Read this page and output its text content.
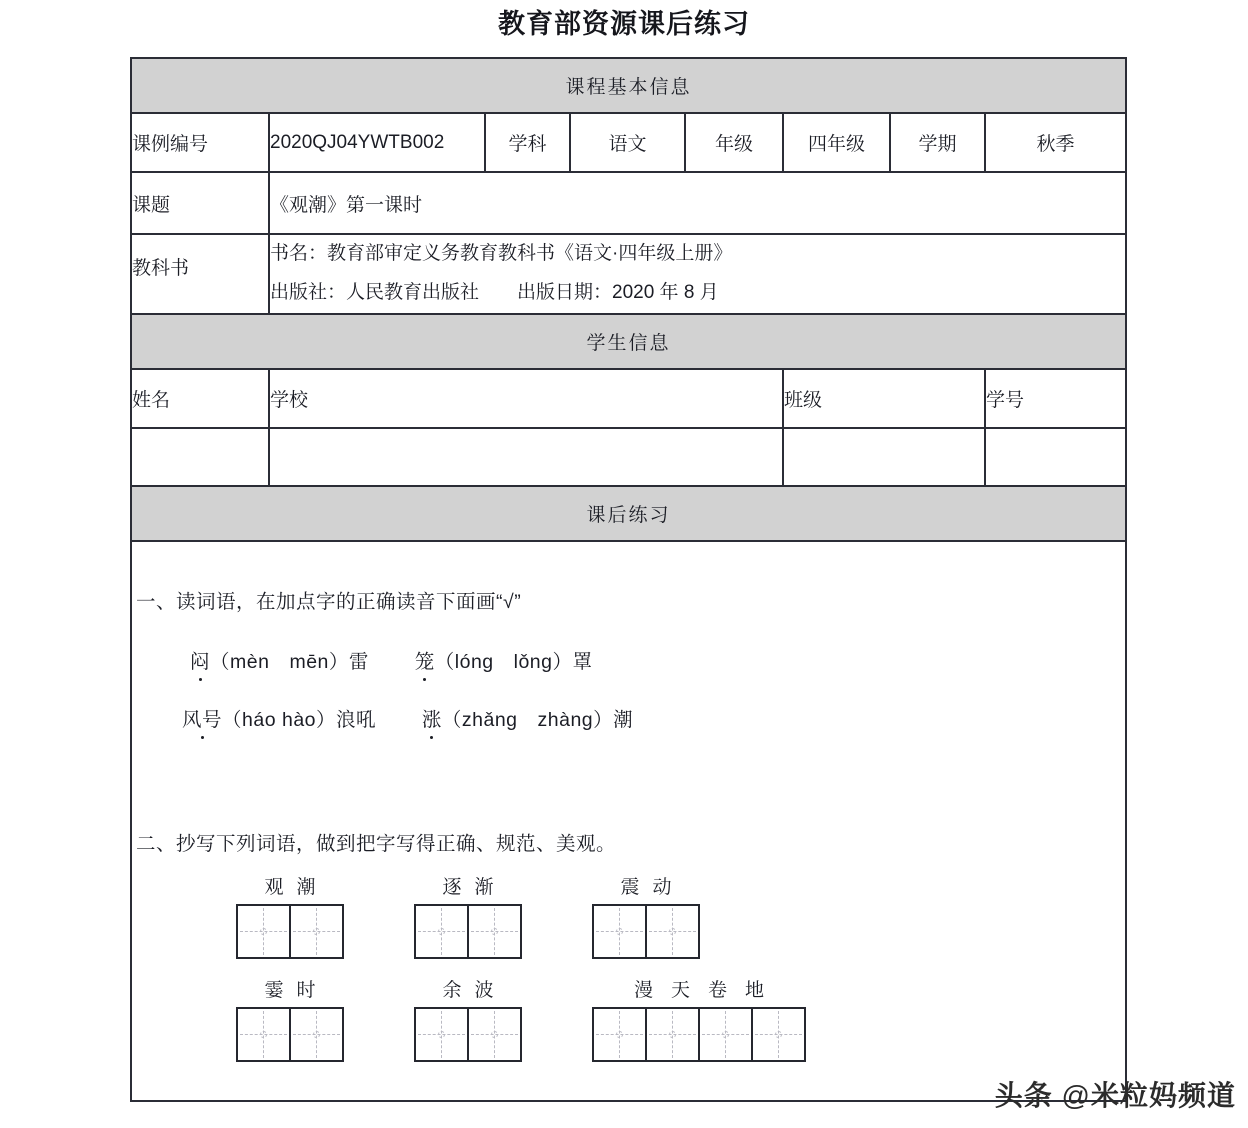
教育部资源课后练习
课程基本信息							
课例编号	2020QJ04YWTB002	学科	语文	年级	四年级	学期	秋季
课题	《观潮》第一课时						
教科书	书名：教育部审定义务教育教科书《语文·四年级上册》
出版社：人民教育出版社　　出版日期：2020 年 8 月						

学生信息							
姓名	学校				班级		学号

课后练习							

一、读词语，在加点字的正确读音下面画“√”
闷（mèn　mēn）雷 笼（lóng　lǒng）罩
风号（háo hào）浪吼 涨（zhǎng　zhàng）潮
二、抄写下列词语，做到把字写得正确、规范、美观。
观潮	逐渐	震动
霎时	余波	漫天卷地
头条 @米粒妈频道
